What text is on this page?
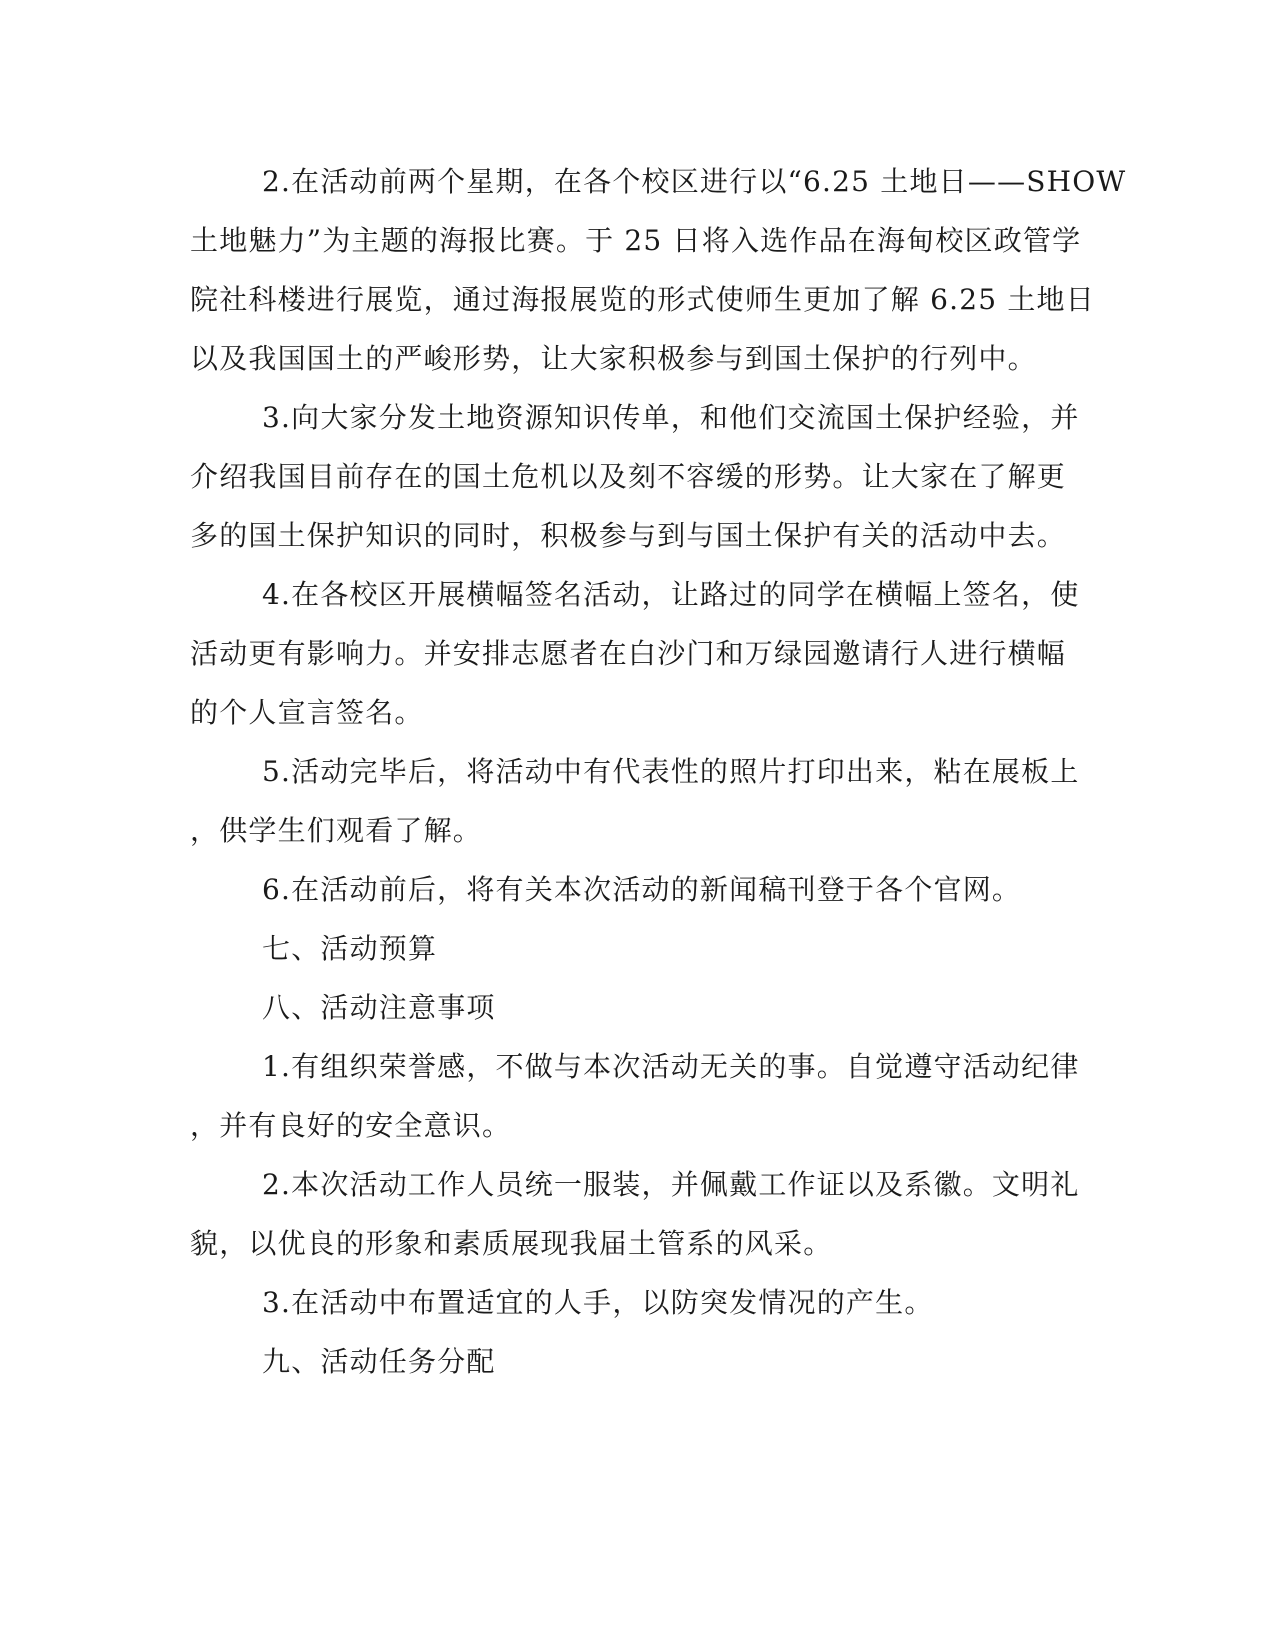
2.在活动前两个星期，在各个校区进行以“6.25 土地日——SHOW
土地魅力”为主题的海报比赛。于 25 日将入选作品在海甸校区政管学
院社科楼进行展览，通过海报展览的形式使师生更加了解 6.25 土地日
以及我国国土的严峻形势，让大家积极参与到国土保护的行列中。
3.向大家分发土地资源知识传单，和他们交流国土保护经验，并
介绍我国目前存在的国土危机以及刻不容缓的形势。让大家在了解更
多的国土保护知识的同时，积极参与到与国土保护有关的活动中去。
4.在各校区开展横幅签名活动，让路过的同学在横幅上签名，使
活动更有影响力。并安排志愿者在白沙门和万绿园邀请行人进行横幅
的个人宣言签名。
5.活动完毕后，将活动中有代表性的照片打印出来，粘在展板上
，供学生们观看了解。
6.在活动前后，将有关本次活动的新闻稿刊登于各个官网。
七、活动预算
八、活动注意事项
1.有组织荣誉感，不做与本次活动无关的事。自觉遵守活动纪律
，并有良好的安全意识。
2.本次活动工作人员统一服装，并佩戴工作证以及系徽。文明礼
貌，以优良的形象和素质展现我届土管系的风采。
3.在活动中布置适宜的人手，以防突发情况的产生。
九、活动任务分配
